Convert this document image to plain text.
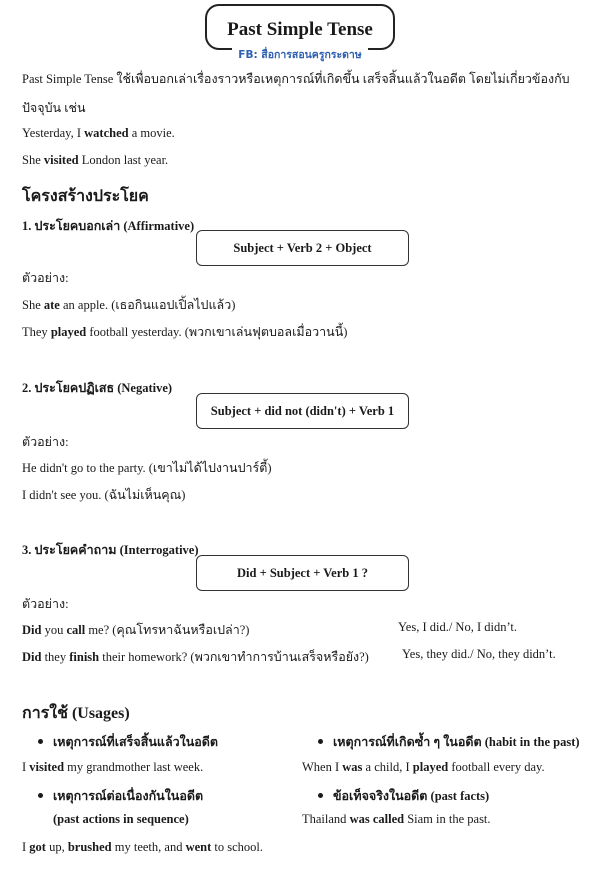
Past Simple Tense
FB: สื่อการสอนครูกระดาษ
Past Simple Tense ใช้เพื่อบอกเล่าเรื่องราวหรือเหตุการณ์ที่เกิดขึ้น เสร็จสิ้นแล้วในอดีต โดยไม่เกี่ยวข้องกับ
ปัจจุบัน เช่น
Yesterday, I watched a movie.
She visited London last year.
โครงสร้างประโยค
1. ประโยคบอกเล่า (Affirmative)
Subject + Verb 2 + Object
ตัวอย่าง:
She ate an apple. (เธอกินแอปเปิ้ลไปแล้ว)
They played football yesterday. (พวกเขาเล่นฟุตบอลเมื่อวานนี้)
2. ประโยคปฏิเสธ (Negative)
Subject + did not (didn't) + Verb 1
ตัวอย่าง:
He didn't go to the party. (เขาไม่ได้ไปงานปาร์ตี้)
I didn't see you. (ฉันไม่เห็นคุณ)
3. ประโยคคำถาม (Interrogative)
Did + Subject + Verb 1 ?
ตัวอย่าง:
Did you call me? (คุณโทรหาฉันหรือเปล่า?)	Yes, I did./ No, I didn’t.
Did they finish their homework? (พวกเขาทำการบ้านเสร็จหรือยัง?)	Yes, they did./ No, they didn’t.
การใช้ (Usages)
เหตุการณ์ที่เสร็จสิ้นแล้วในอดีต
I visited my grandmother last week.
เหตุการณ์ที่เกิดซ้ำ ๆ ในอดีต (habit in the past)
When I was a child, I played football every day.
เหตุการณ์ต่อเนื่องกันในอดีต
(past actions in sequence)
I got up, brushed my teeth, and went to school.
ข้อเท็จจริงในอดีต (past facts)
Thailand was called Siam in the past.
